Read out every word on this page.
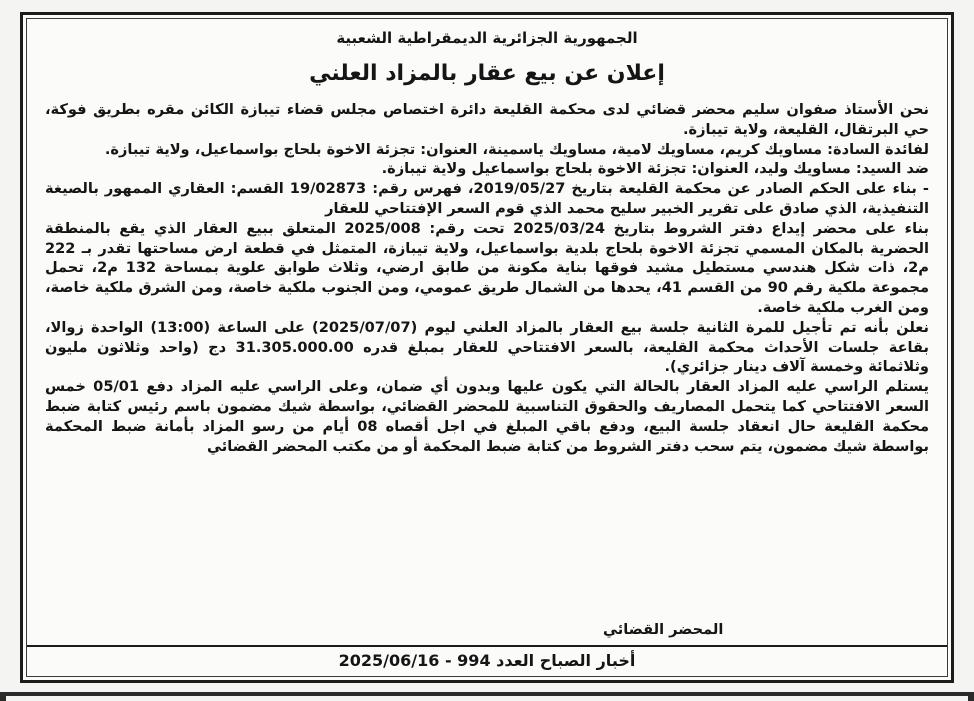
الجمهورية الجزائرية الديمقراطية الشعبية
إعلان عن بيع عقار بالمزاد العلني

نحن الأستاذ صفوان سليم محضر قضائي لدى محكمة القليعة دائرة اختصاص مجلس قضاء تيبازة الكائن مقره بطريق فوكة، حي البرتقال، القليعة، ولاية تيبازة.

لفائدة السادة: مساويك كريم، مساويك لامية، مساويك ياسمينة، العنوان: تجزئة الاخوة بلحاج بواسماعيل، ولاية تيبازة.

ضد السيد: مساويك وليد، العنوان: تجزئة الاخوة بلحاج بواسماعيل ولاية تيبازة.

- بناء على الحكم الصادر عن محكمة القليعة بتاريخ 2019/05/27، فهرس رقم: 19/02873 القسم: العقاري الممهور بالصيغة التنفيذية، الذي صادق على تقرير الخبير سليح محمد الذي قوم السعر الإفتتاحي للعقار

بناء على محضر إيداع دفتر الشروط بتاريخ 2025/03/24 تحت رقم: 2025/008 المتعلق ببيع العقار الذي يقع بالمنطقة الحضرية بالمكان المسمي تجزئة الاخوة بلحاج بلدية بواسماعيل، ولاية تيبازة، المتمثل في قطعة ارض مساحتها تقدر بـ 222 م2، ذات شكل هندسي مستطيل مشيد فوقها بناية مكونة من طابق ارضي، وثلاث طوابق علوية بمساحة 132 م2، تحمل مجموعة ملكية رقم 90 من القسم 41، يحدها من الشمال طريق عمومي، ومن الجنوب ملكية خاصة، ومن الشرق ملكية خاصة، ومن الغرب ملكية خاصة.

نعلن بأنه تم تأجيل للمرة الثانية جلسة بيع العقار بالمزاد العلني ليوم (2025/07/07) على الساعة (13:00) الواحدة زوالا، بقاعة جلسات الأحداث محكمة القليعة، بالسعر الافتتاحي للعقار بمبلغ قدره 31.305.000.00 دج (واحد وثلاثون مليون وثلاثمائة وخمسة آلاف دينار جزائري).

يستلم الراسي عليه المزاد العقار بالحالة التي يكون عليها وبدون أي ضمان، وعلى الراسي عليه المزاد دفع 05/01 خمس السعر الافتتاحي كما يتحمل المصاريف والحقوق التناسبية للمحضر القضائي، بواسطة شيك مضمون باسم رئيس كتابة ضبط محكمة القليعة حال انعقاد جلسة البيع، ودفع باقي المبلغ في اجل أقصاه 08 أيام من رسو المزاد بأمانة ضبط المحكمة بواسطة شيك مضمون، يتم سحب دفتر الشروط من كتابة ضبط المحكمة أو من مكتب المحضر القضائي

المحضر القضائي
أخبار الصباح العدد 994 - 2025/06/16
